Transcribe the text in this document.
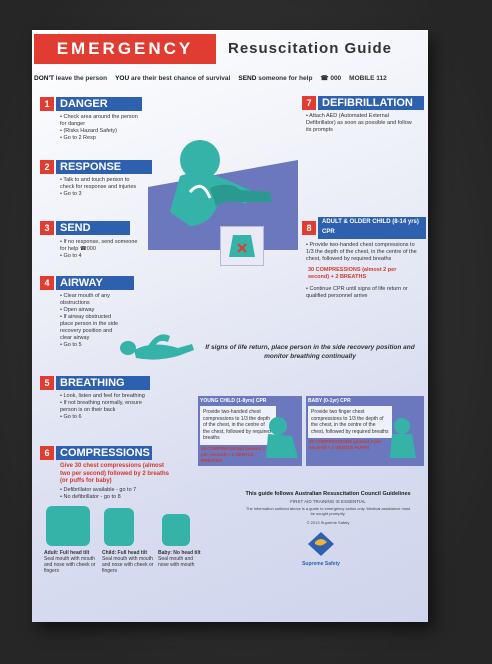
EMERGENCY	Resuscitation Guide
DON'T leave the person YOU are their best chance of survival SEND someone for help ☎ 000 MOBILE 112
1 DANGER
• Check area around the person for danger
• (Risks Hazard Safety)
• Go to 2 Resp
2 RESPONSE
• Talk to and touch person to check for response and injuries
• Go to 3
3 SEND
• If no response, send someone for help ☎000
• Go to 4
4 AIRWAY
• Clear mouth of any obstructions
• Open airway
• If airway obstructed place person in the side recovery position and clear airway
• Go to 5
5 BREATHING
• Look, listen and feel for breathing
• If not breathing normally, ensure person is on their back
• Go to 6
6 COMPRESSIONS
Give 30 chest compressions (almost two per second) followed by 2 breaths (or puffs for baby)
• Defibrillator available - go to 7
• No defibrillator - go to 8
Adult: Full head tilt
Seal mouth with mouth and nose with cheek or fingers
Child: Full head tilt
Seal mouth with mouth and nose with cheek or fingers
Baby: No head tilt
Seal mouth and nose with mouth
7 DEFIBRILLATION
• Attach AED (Automated External Defibrillator) as soon as possible and follow its prompts
8
ADULT & OLDER CHILD (8-14 yrs) CPR
• Provide two-handed chest compressions to 1/3 the depth of the chest, in the centre of the chest, followed by required breaths
30 COMPRESSIONS (almost 2 per second) + 2 BREATHS
• Continue CPR until signs of life return or qualified personnel arrive
If signs of life return, place person in the side recovery position and monitor breathing continually
YOUNG CHILD (1-8yrs) CPR
Provide two-handed chest compressions to 1/3 the depth of the chest, in the centre of the chest, followed by required breaths
30 COMPRESSIONS (almost 2 per second) + 2 GENTLE BREATHS
BABY (0-1yr) CPR
Provide two finger chest compressions to 1/3 the depth of the chest, in the centre of the chest, followed by required breaths
30 COMPRESSIONS (almost 2 per second) + 2 GENTLE PUFFS
This guide follows Australian Resuscitation Council Guidelines
FIRST AID TRAINING IS ESSENTIAL
The information outlined above is a guide to emergency action only. Medical assistance must be sought promptly.
© 2013 Supreme Safety
Supreme Safety
